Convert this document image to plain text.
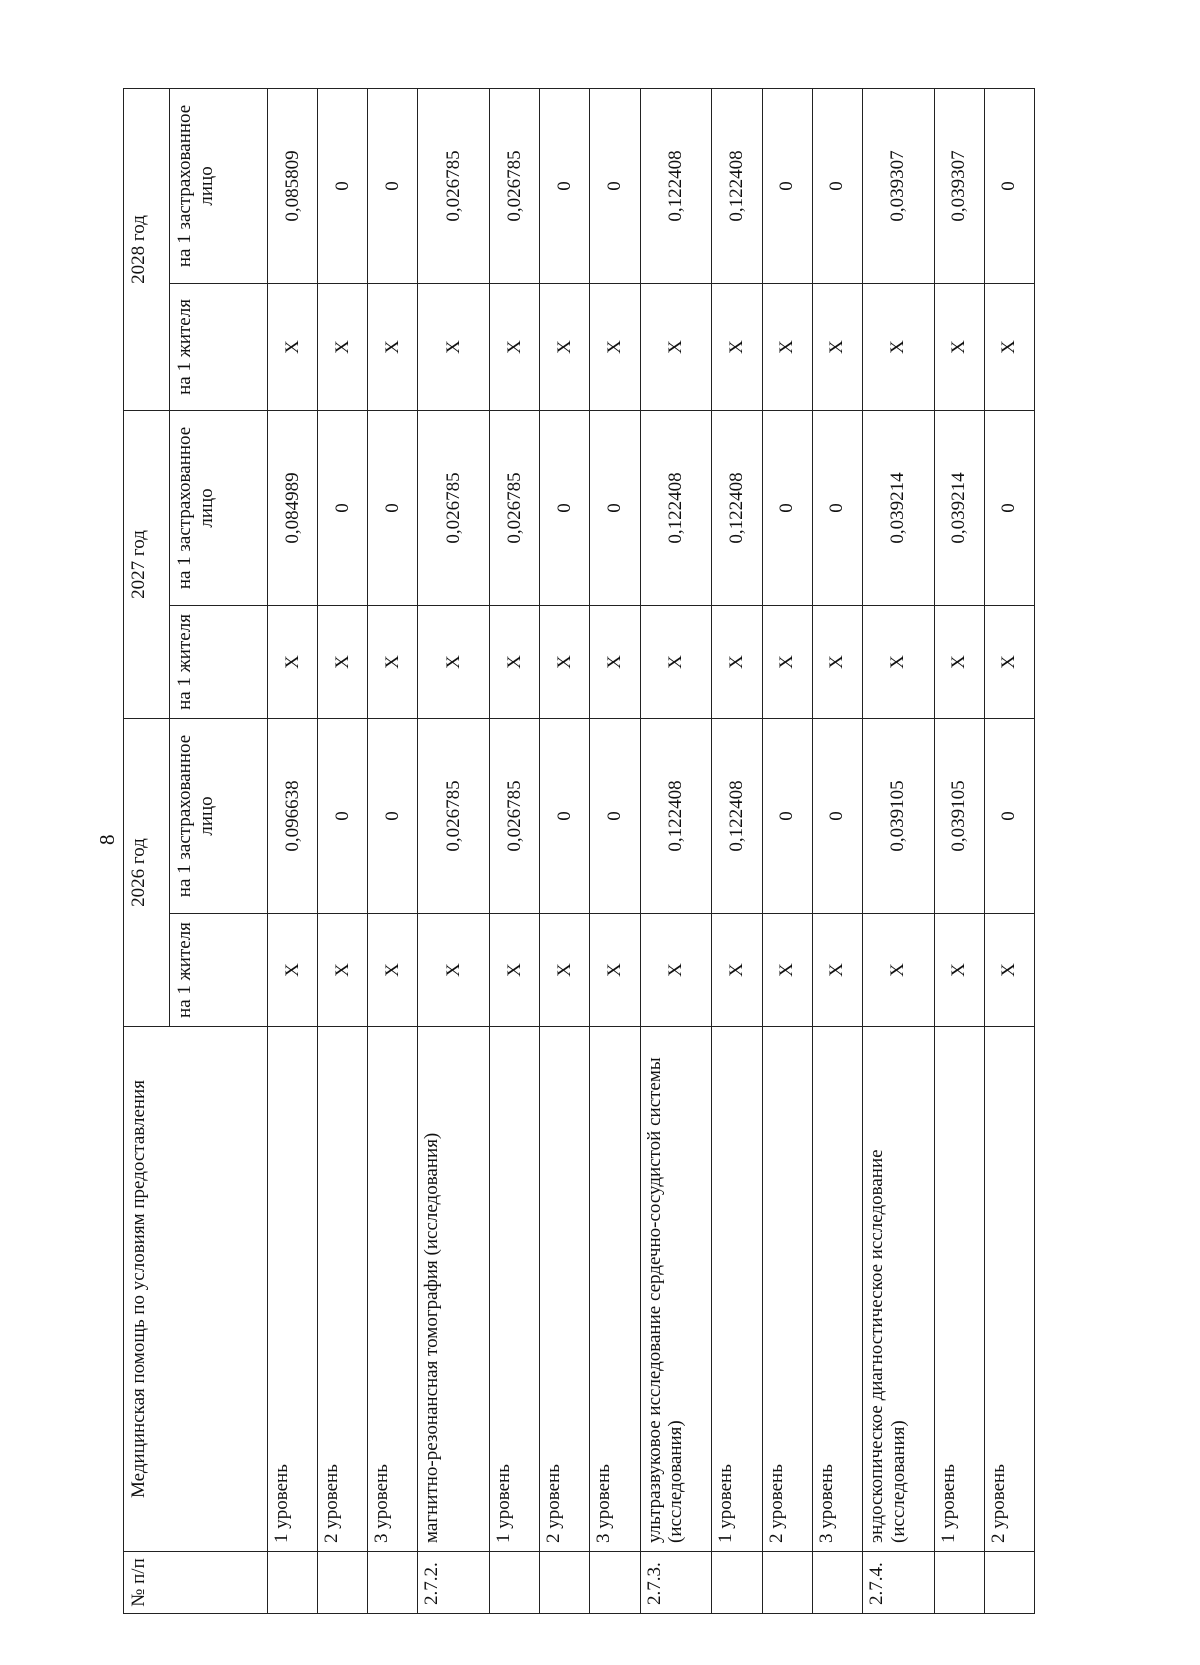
8
№ п/п	Медицинская помощь по условиям предоставления	2026 год		2027 год		2028 год	
		на 1 жителя	на 1 застрахованное лицо	на 1 жителя	на 1 застрахованное лицо	на 1 жителя	на 1 застрахованное лицо
	1 уровень	X	0,096638	X	0,084989	X	0,085809
	2 уровень	X	0	X	0	X	0
	3 уровень	X	0	X	0	X	0
2.7.2.	магнитно-резонансная томография (исследования)	X	0,026785	X	0,026785	X	0,026785
	1 уровень	X	0,026785	X	0,026785	X	0,026785
	2 уровень	X	0	X	0	X	0
	3 уровень	X	0	X	0	X	0
2.7.3.	ультразвуковое исследование сердечно-сосудистой системы (исследования)	X	0,122408	X	0,122408	X	0,122408
	1 уровень	X	0,122408	X	0,122408	X	0,122408
	2 уровень	X	0	X	0	X	0
	3 уровень	X	0	X	0	X	0
2.7.4.	эндоскопическое диагностическое исследование (исследования)	X	0,039105	X	0,039214	X	0,039307
	1 уровень	X	0,039105	X	0,039214	X	0,039307
	2 уровень	X	0	X	0	X	0
